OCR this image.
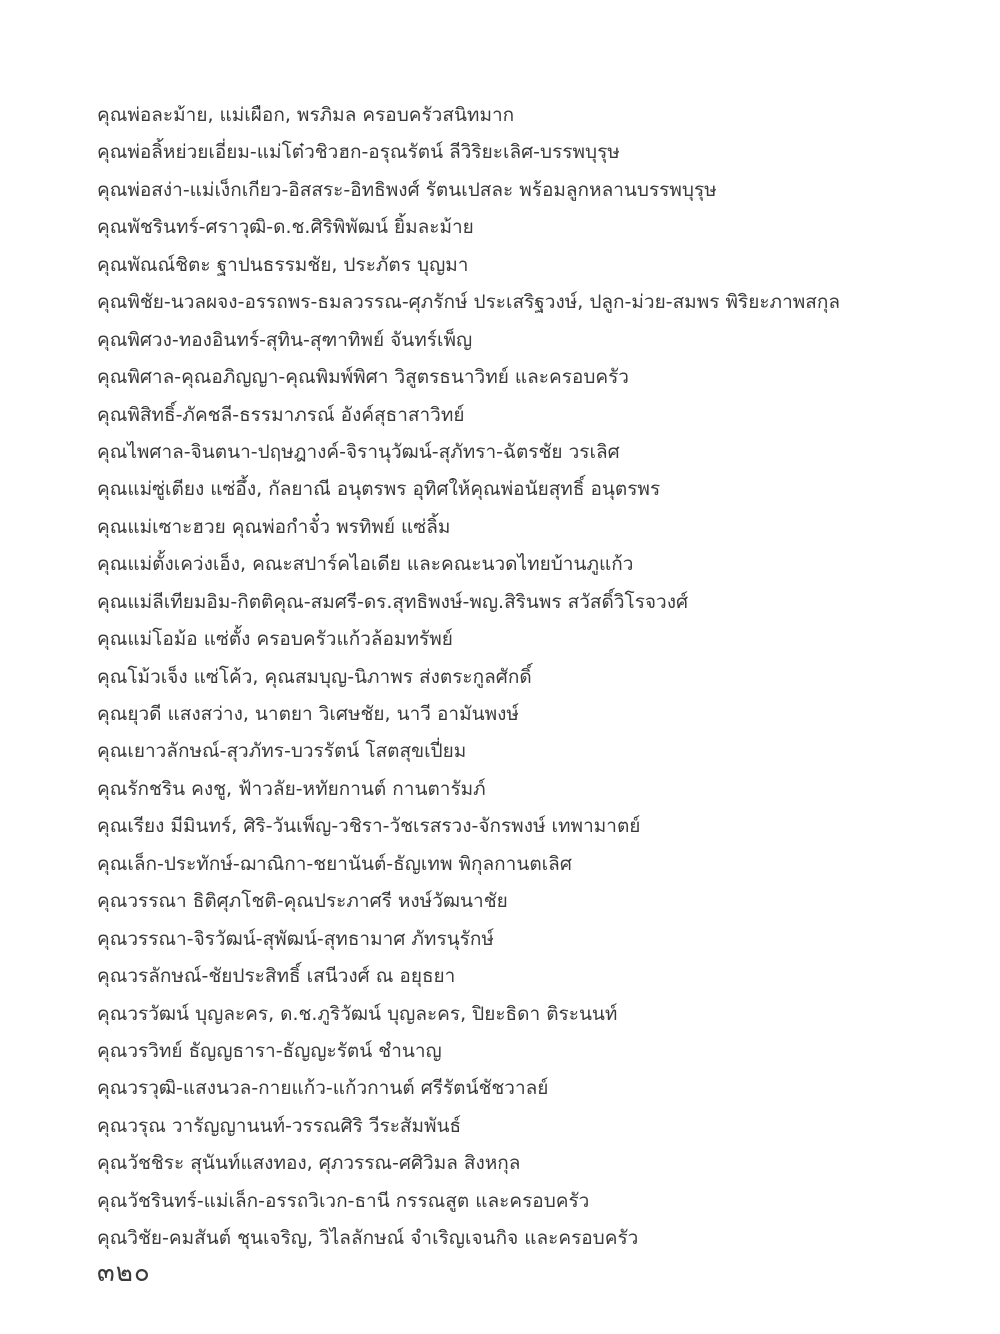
คุณพ่อละม้าย, แม่เผือก, พรภิมล ครอบครัวสนิทมาก
คุณพ่อลิ้หย่วยเอี่ยม-แม่โต๋วชิวฮก-อรุณรัตน์ ลีวิริยะเลิศ-บรรพบุรุษ
คุณพ่อสง่า-แม่เง็กเกียว-อิสสระ-อิทธิพงศ์ รัตนเปสละ พร้อมลูกหลานบรรพบุรุษ
คุณพัชรินทร์-ศราวุฒิ-ด.ช.ศิริพิพัฒน์ ยิ้มละม้าย
คุณพัณณ์ชิตะ ฐาปนธรรมชัย, ประภัตร บุญมา
คุณพิชัย-นวลผจง-อรรถพร-ธมลวรรณ-ศุภรักษ์ ประเสริฐวงษ์, ปลูก-ม่วย-สมพร พิริยะภาพสกุล
คุณพิศวง-ทองอินทร์-สุทิน-สุฑาทิพย์ จันทร์เพ็ญ
คุณพิศาล-คุณอภิญญา-คุณพิมพ์พิศา วิสูตรธนาวิทย์ และครอบครัว
คุณพิสิทธิ์-ภัคชลี-ธรรมาภรณ์ อังค์สุธาสาวิทย์
คุณไพศาล-จินตนา-ปฤษฎางค์-จิรานุวัฒน์-สุภัทรา-ฉัตรชัย วรเลิศ
คุณแม่ซู่เตียง แซ่อึ้ง, กัลยาณี อนุตรพร อุทิศให้คุณพ่อนัยสุทธิ์ อนุตรพร
คุณแม่เซาะฮวย คุณพ่อกำจั๋ว พรทิพย์ แซ่ลิ้ม
คุณแม่ตั้งเคว่งเอ็ง, คณะสปาร์คไอเดีย และคณะนวดไทยบ้านภูแก้ว
คุณแม่ลีเทียมอิม-กิตติคุณ-สมศรี-ดร.สุทธิพงษ์-พญ.สิรินพร สวัสดิ์วิโรจวงศ์
คุณแม่โอม้อ แซ่ตั้ง ครอบครัวแก้วล้อมทรัพย์
คุณโม้วเจ็ง แซ่โค้ว, คุณสมบุญ-นิภาพร ส่งตระกูลศักดิ์
คุณยุวดี แสงสว่าง, นาตยา วิเศษชัย, นาวี อามันพงษ์
คุณเยาวลักษณ์-สุวภัทร-บวรรัตน์ โสตสุขเปี่ยม
คุณรักชริน คงชู, ฟ้าวลัย-หทัยกานต์ กานตารัมภ์
คุณเรียง มีมินทร์, ศิริ-วันเพ็ญ-วชิรา-วัชเรสรวง-จักรพงษ์ เทพามาตย์
คุณเล็ก-ประทักษ์-ฌาณิกา-ชยานันต์-ธัญเทพ พิกุลกานตเลิศ
คุณวรรณา ธิติศุภโชติ-คุณประภาศรี หงษ์วัฒนาชัย
คุณวรรณา-จิรวัฒน์-สุพัฒน์-สุทธามาศ ภัทรนุรักษ์
คุณวรลักษณ์-ชัยประสิทธิ์ เสนีวงศ์ ณ อยุธยา
คุณวรวัฒน์ บุญละคร, ด.ช.ภูริวัฒน์ บุญละคร, ปิยะธิดา ติระนนท์
คุณวรวิทย์ ธัญญธารา-ธัญญะรัตน์ ชำนาญ
คุณวรวุฒิ-แสงนวล-กายแก้ว-แก้วกานต์ ศรีรัตน์ชัชวาลย์
คุณวรุณ วารัญญานนท์-วรรณศิริ วีระสัมพันธ์
คุณวัชชิระ สุนันท์แสงทอง, ศุภวรรณ-ศศิวิมล สิงหกุล
คุณวัชรินทร์-แม่เล็ก-อรรถวิเวก-ธานี กรรณสูต และครอบครัว
คุณวิชัย-คมสันต์ ชุนเจริญ, วิไลลักษณ์ จำเริญเจนกิจ และครอบครัว
๓๒๐
